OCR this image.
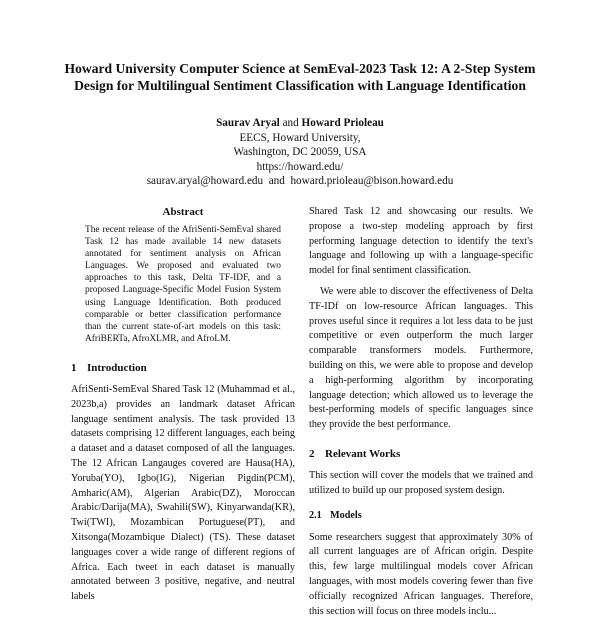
Howard University Computer Science at SemEval-2023 Task 12: A 2-Step System Design for Multilingual Sentiment Classification with Language Identification
Saurav Aryal and Howard Prioleau
EECS, Howard University,
Washington, DC 20059, USA
https://howard.edu/
saurav.aryal@howard.edu  and  howard.prioleau@bison.howard.edu
Abstract
The recent release of the AfriSenti-SemEval shared Task 12 has made available 14 new datasets annotated for sentiment analysis on African Languages. We proposed and evaluated two approaches to this task, Delta TF-IDF, and a proposed Language-Specific Model Fusion System using Language Identification. Both produced comparable or better classification performance than the current state-of-art models on this task: AfriBERTa, AfroXLMR, and AfroLM.
1 Introduction

AfriSenti-SemEval Shared Task 12 (Muhammad et al., 2023b,a) provides an landmark dataset African language sentiment analysis. The task provided 13 datasets comprising 12 different languages, each being a dataset and a dataset composed of all the languages. The 12 African Langauges covered are Hausa(HA), Yoruba(YO), Igbo(IG), Nigerian Pigdin(PCM), Amharic(AM), Algerian Arabic(DZ), Moroccan Arabic/Darija(MA), Swahili(SW), Kinyarwanda(KR), Twi(TWI), Mozambican Portuguese(PT), and Xitsonga(Mozambique Dialect) (TS). These dataset languages cover a wide range of different regions of Africa. Each tweet in each dataset is manually annotated between 3 positive, negative, and neutral labels

Shared Task 12 and showcasing our results. We propose a two-step modeling approach by first performing language detection to identify the text's language and following up with a language-specific model for final sentiment classification.

We were able to discover the effectiveness of Delta TF-IDf on low-resource African languages. This proves useful since it requires a lot less data to be just competitive or even outperform the much larger comparable transformers models. Furthermore, building on this, we were able to propose and develop a high-performing algorithm by incorporating language detection; which allowed us to leverage the best-performing models of specific languages since they provide the best performance.

2 Relevant Works

This section will cover the models that we trained and utilized to build up our proposed system design.

2.1 Models

Some researchers suggest that approximately 30% of all current languages are of African origin. Despite this, few large multilingual models cover African languages, with most models covering fewer than five officially recognized African languages. Therefore, this section will focus on three models inclu...
